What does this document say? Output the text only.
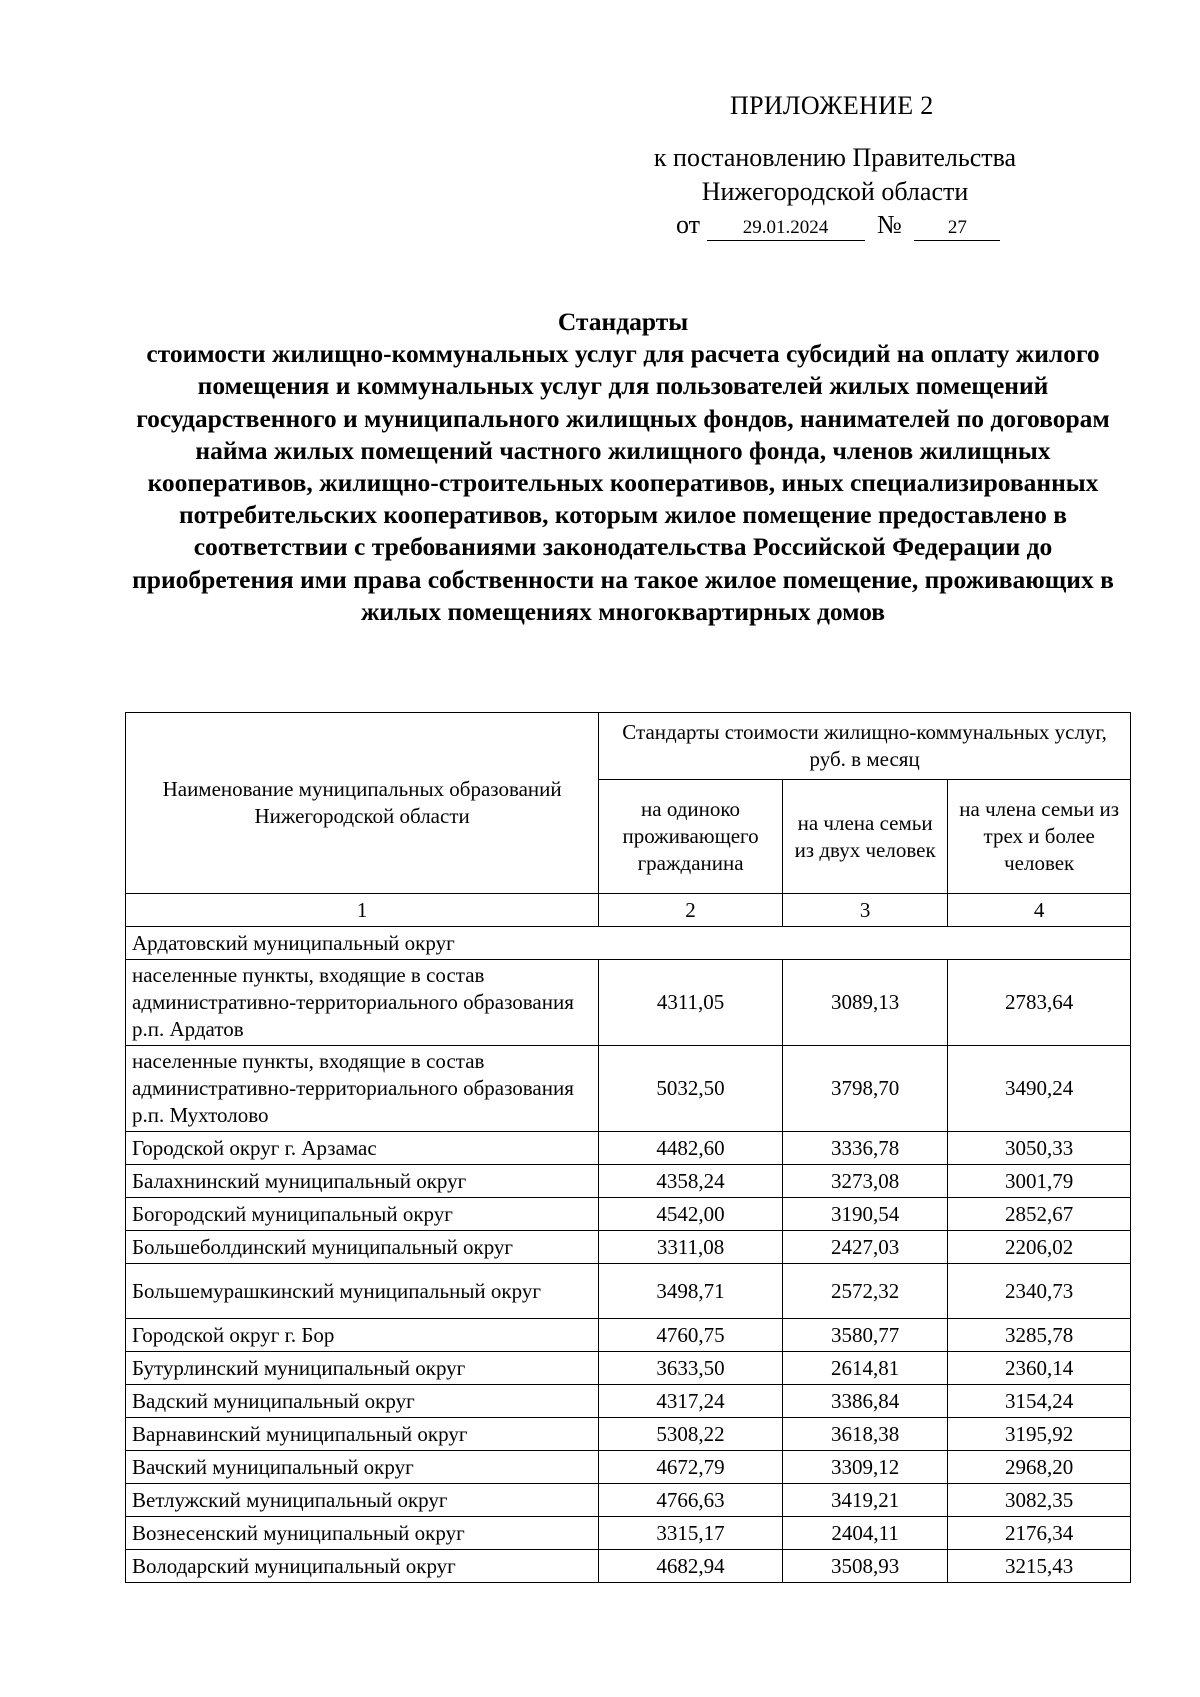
ПРИЛОЖЕНИЕ 2
к постановлению Правительства
Нижегородской области
от 29.01.2024 № 27
Стандарты
стоимости жилищно-коммунальных услуг для расчета субсидий на оплату жилого помещения и коммунальных услуг для пользователей жилых помещений государственного и муниципального жилищных фондов, нанимателей по договорам найма жилых помещений частного жилищного фонда, членов жилищных кооперативов, жилищно-строительных кооперативов, иных специализированных потребительских кооперативов, которым жилое помещение предоставлено в соответствии с требованиями законодательства Российской Федерации до приобретения ими права собственности на такое жилое помещение, проживающих в жилых помещениях многоквартирных домов
Наименование муниципальных образований Нижегородской области	Стандарты стоимости жилищно-коммунальных услуг, руб. в месяц		
	на одиноко проживающего гражданина	на члена семьи из двух человек	на члена семьи из трех и более человек
1	2	3	4
Ардатовский муниципальный округ			
населенные пункты, входящие в состав административно-территориального образования р.п. Ардатов	4311,05	3089,13	2783,64
населенные пункты, входящие в состав административно-территориального образования р.п. Мухтолово	5032,50	3798,70	3490,24
Городской округ г. Арзамас	4482,60	3336,78	3050,33
Балахнинский муниципальный округ	4358,24	3273,08	3001,79
Богородский муниципальный округ	4542,00	3190,54	2852,67
Большеболдинский муниципальный округ	3311,08	2427,03	2206,02
Большемурашкинский муниципальный округ	3498,71	2572,32	2340,73
Городской округ г. Бор	4760,75	3580,77	3285,78
Бутурлинский муниципальный округ	3633,50	2614,81	2360,14
Вадский муниципальный округ	4317,24	3386,84	3154,24
Варнавинский муниципальный округ	5308,22	3618,38	3195,92
Вачский муниципальный округ	4672,79	3309,12	2968,20
Ветлужский муниципальный округ	4766,63	3419,21	3082,35
Вознесенский муниципальный округ	3315,17	2404,11	2176,34
Володарский муниципальный округ	4682,94	3508,93	3215,43
